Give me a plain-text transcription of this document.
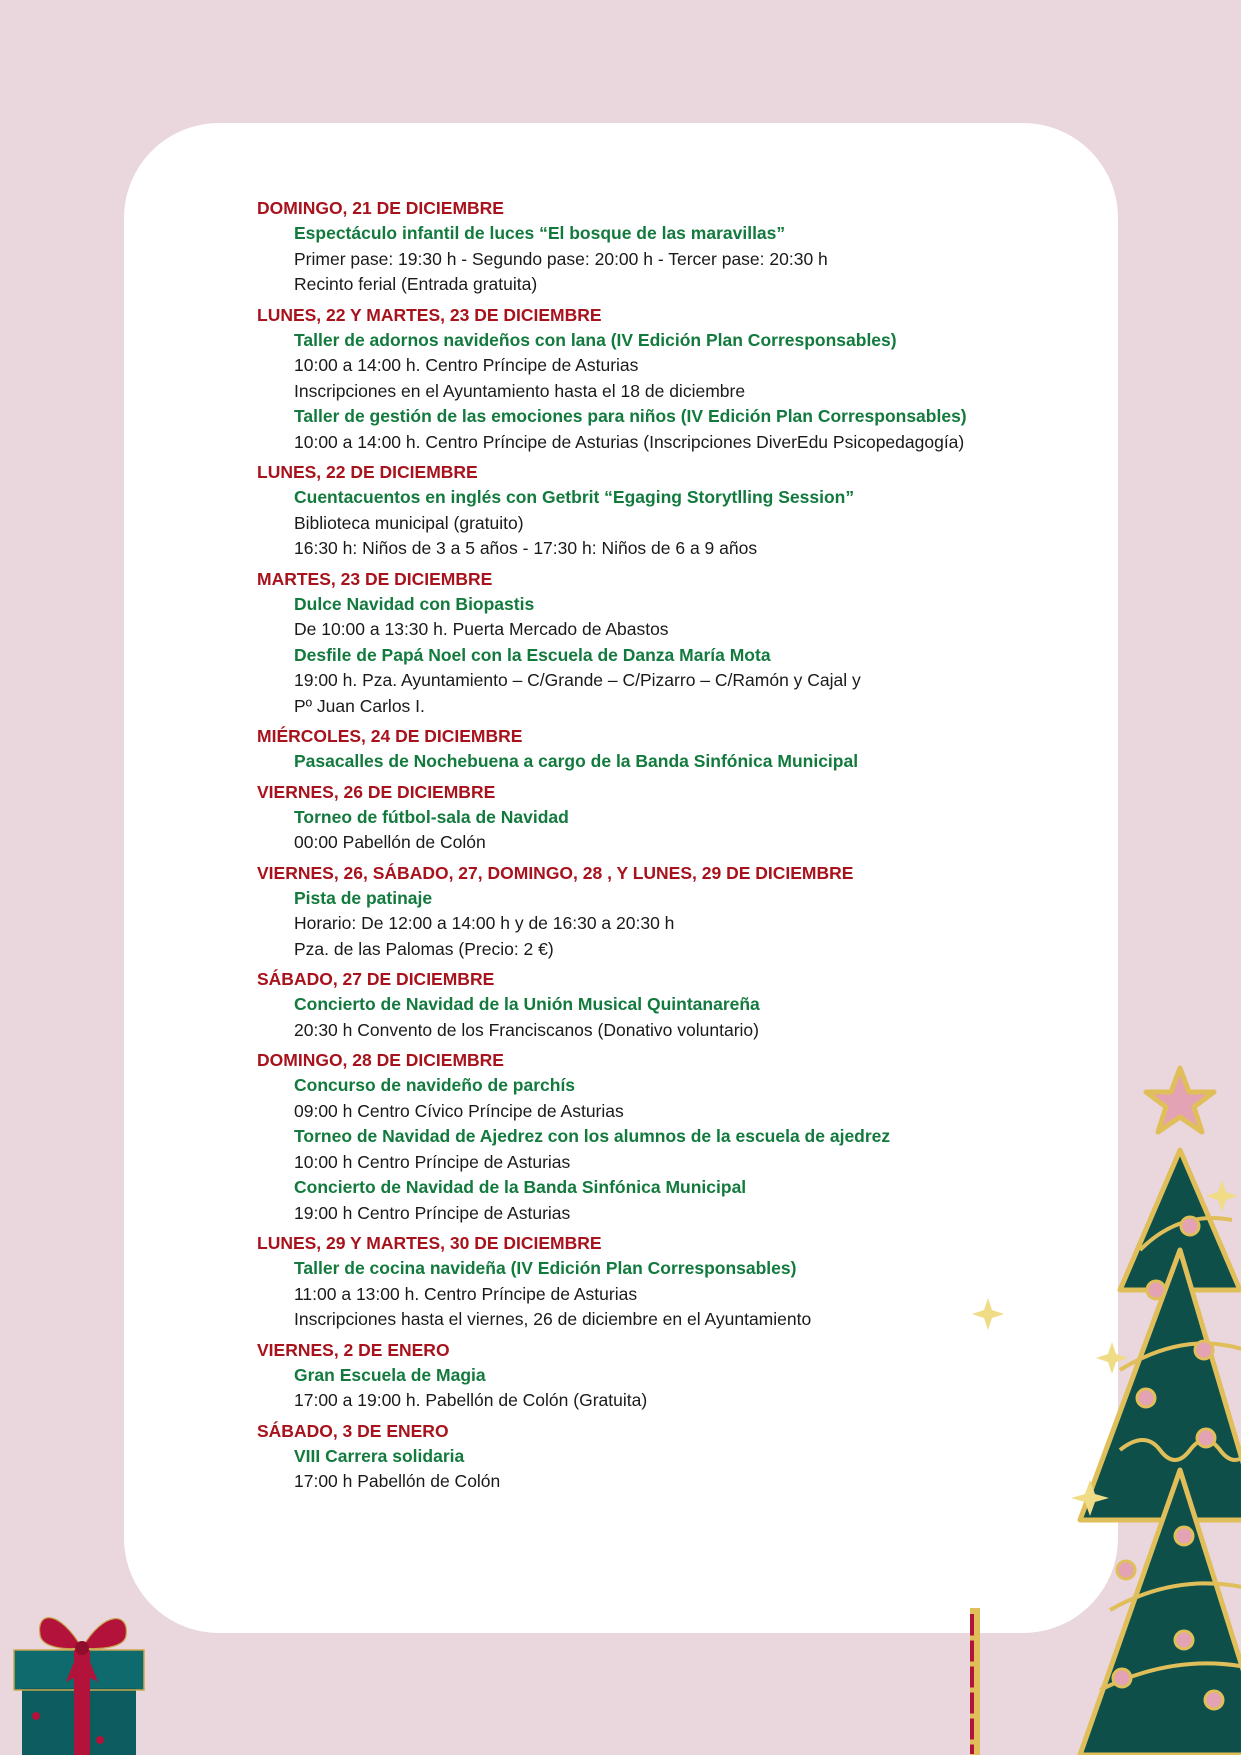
DOMINGO, 21 DE DICIEMBRE
Espectáculo infantil de luces “El bosque de las maravillas”
Primer pase: 19:30 h - Segundo pase: 20:00 h - Tercer pase: 20:30 h
Recinto ferial (Entrada gratuita)
LUNES, 22 Y MARTES, 23 DE DICIEMBRE
Taller de adornos navideños con lana (IV Edición Plan Corresponsables)
10:00 a 14:00 h. Centro Príncipe de Asturias
Inscripciones en el Ayuntamiento hasta el 18 de diciembre
Taller de gestión de las emociones para niños (IV Edición Plan Corresponsables)
10:00 a 14:00 h. Centro Príncipe de Asturias (Inscripciones DiverEdu Psicopedagogía)
LUNES, 22 DE DICIEMBRE
Cuentacuentos en inglés con Getbrit “Egaging Storytlling Session”
Biblioteca municipal (gratuito)
16:30 h: Niños de 3 a 5 años - 17:30 h: Niños de 6 a 9 años
MARTES, 23 DE DICIEMBRE
Dulce Navidad con Biopastis
De 10:00 a 13:30 h. Puerta Mercado de Abastos
Desfile de Papá Noel con la Escuela de Danza María Mota
19:00 h. Pza. Ayuntamiento – C/Grande – C/Pizarro – C/Ramón y Cajal y
Pº Juan Carlos I.
MIÉRCOLES, 24 DE DICIEMBRE
Pasacalles de Nochebuena a cargo de la Banda Sinfónica Municipal
VIERNES, 26 DE DICIEMBRE
Torneo de fútbol-sala de Navidad
00:00 Pabellón de Colón
VIERNES, 26, SÁBADO, 27, DOMINGO, 28 , Y LUNES, 29 DE DICIEMBRE
Pista de patinaje
Horario: De 12:00 a 14:00 h y de 16:30 a 20:30 h
Pza. de las Palomas (Precio: 2 €)
SÁBADO, 27 DE DICIEMBRE
Concierto de Navidad de la Unión Musical Quintanareña
20:30 h Convento de los Franciscanos (Donativo voluntario)
DOMINGO, 28 DE DICIEMBRE
Concurso de navideño de parchís
09:00 h Centro Cívico Príncipe de Asturias
Torneo de Navidad de Ajedrez con los alumnos de la escuela de ajedrez
10:00 h Centro Príncipe de Asturias
Concierto de Navidad de la Banda Sinfónica Municipal
19:00 h Centro Príncipe de Asturias
LUNES, 29 Y MARTES, 30 DE DICIEMBRE
Taller de cocina navideña (IV Edición Plan Corresponsables)
11:00 a 13:00 h. Centro Príncipe de Asturias
Inscripciones hasta el viernes, 26 de diciembre en el Ayuntamiento
VIERNES, 2 DE ENERO
Gran Escuela de Magia
17:00 a 19:00 h. Pabellón de Colón (Gratuita)
SÁBADO, 3 DE ENERO
VIII Carrera solidaria
17:00 h Pabellón de Colón
